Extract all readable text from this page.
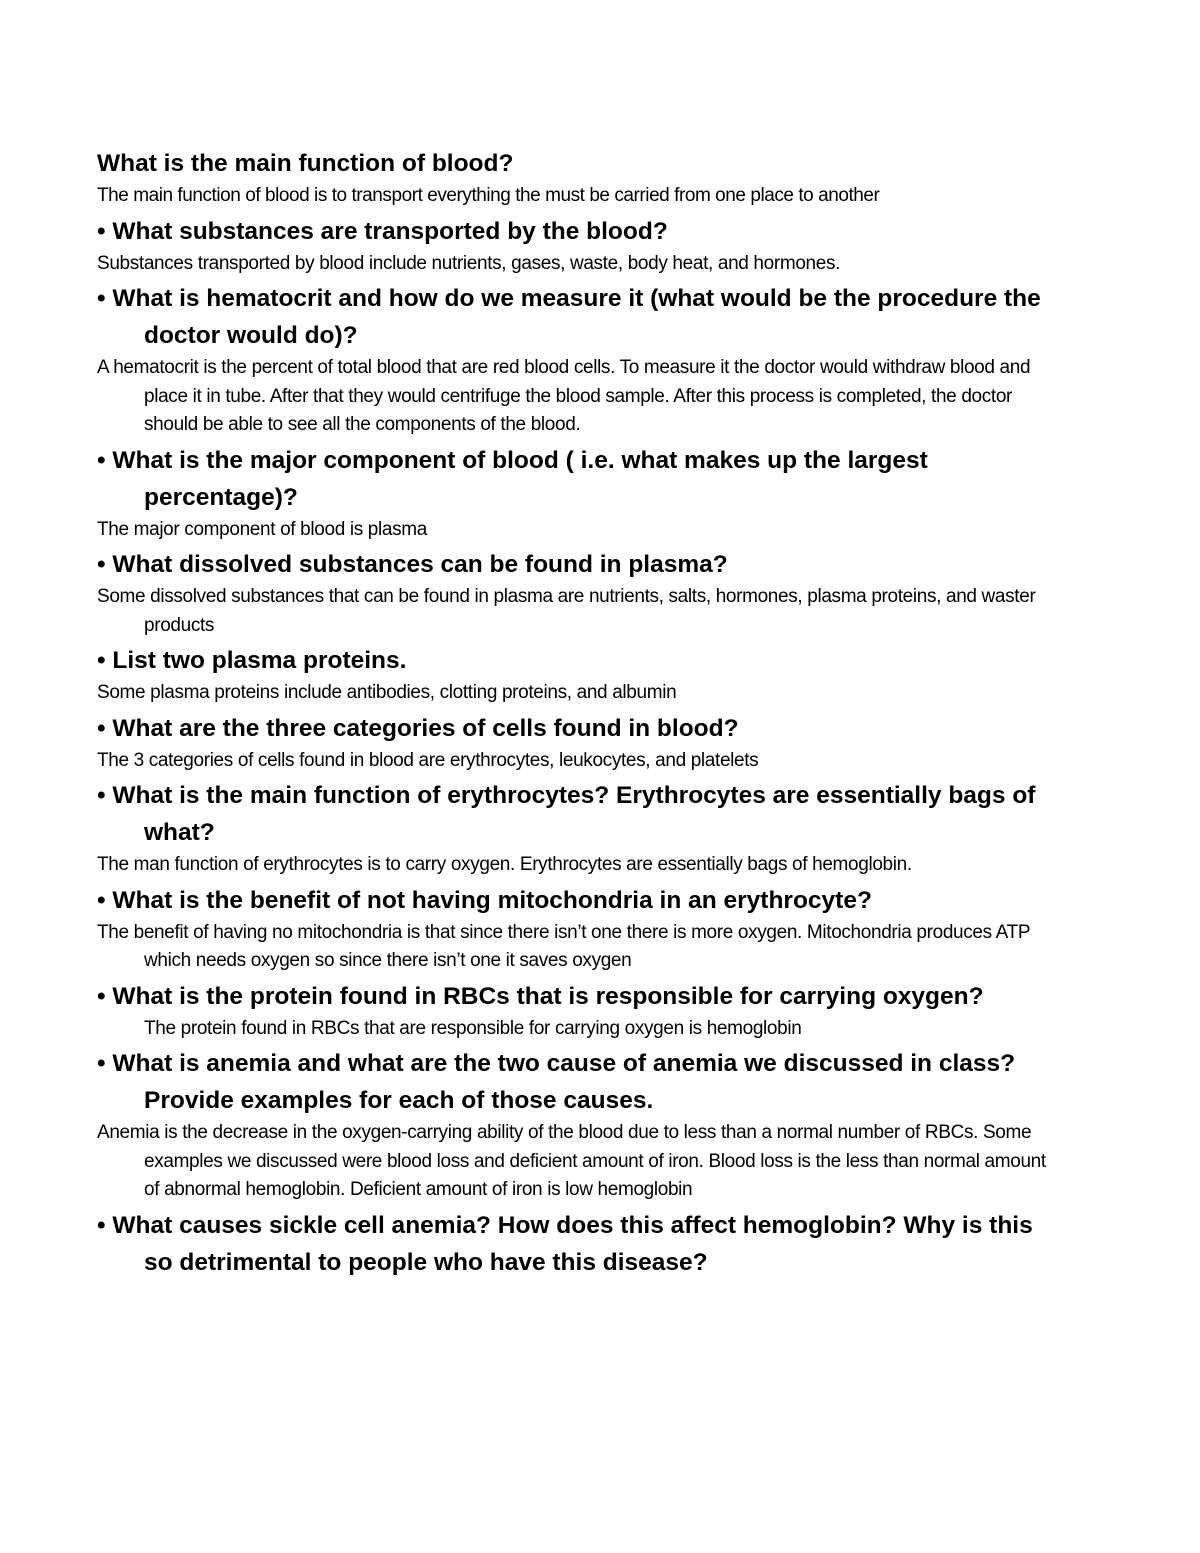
What is the main function of blood?

The main function of blood is to transport everything the must be carried from one place to another

• What substances are transported by the blood?

Substances transported by blood include nutrients, gases, waste, body heat, and hormones.

• What is hematocrit and how do we measure it (what would be the procedure the doctor would do)?

A hematocrit is the percent of total blood that are red blood cells. To measure it the doctor would withdraw blood and place it in tube. After that they would centrifuge the blood sample. After this process is completed, the doctor should be able to see all the components of the blood.

• What is the major component of blood ( i.e. what makes up the largest percentage)?

The major component of blood is plasma

• What dissolved substances can be found in plasma?

Some dissolved substances that can be found in plasma are nutrients, salts, hormones, plasma proteins, and waster products

• List two plasma proteins.

Some plasma proteins include antibodies, clotting proteins, and albumin

• What are the three categories of cells found in blood?

The 3 categories of cells found in blood are erythrocytes, leukocytes, and platelets

• What is the main function of erythrocytes? Erythrocytes are essentially bags of what?

The man function of erythrocytes is to carry oxygen. Erythrocytes are essentially bags of hemoglobin.

• What is the benefit of not having mitochondria in an erythrocyte?

The benefit of having no mitochondria is that since there isn’t one there is more oxygen. Mitochondria produces ATP which needs oxygen so since there isn’t one it saves oxygen

• What is the protein found in RBCs that is responsible for carrying oxygen?

The protein found in RBCs that are responsible for carrying oxygen is hemoglobin

• What is anemia and what are the two cause of anemia we discussed in class? Provide examples for each of those causes.

Anemia is the decrease in the oxygen-carrying ability of the blood due to less than a normal number of RBCs. Some examples we discussed were blood loss and deficient amount of iron. Blood loss is the less than normal amount of abnormal hemoglobin. Deficient amount of iron is low hemoglobin

• What causes sickle cell anemia? How does this affect hemoglobin? Why is this so detrimental to people who have this disease?
